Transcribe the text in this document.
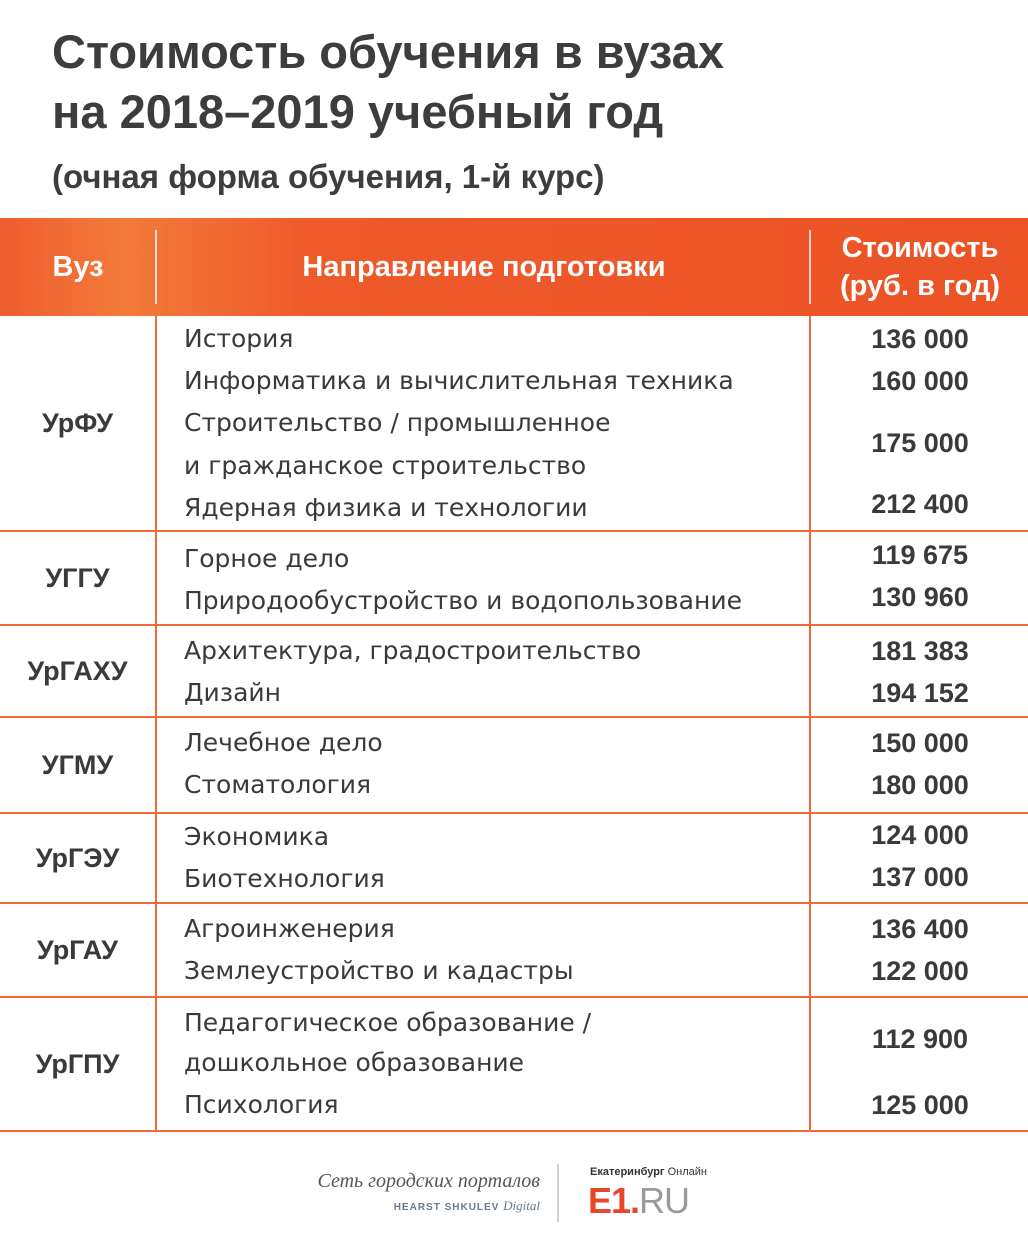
Стоимость обучения в вузах
на 2018–2019 учебный год
(очная форма обучения, 1-й курс)
Вуз	Направление подготовки
Стоимость
(руб. в год)
УрФУ
История
Информатика и вычислительная техника
Строительство / промышленное
и гражданское строительство
Ядерная физика и технологии
136 000
160 000
175 000
212 400
УГГУ
Горное дело
Природообустройство и водопользование
119 675
130 960
УрГАХУ
Архитектура, градостроительство
Дизайн
181 383
194 152
УГМУ
Лечебное дело
Стоматология
150 000
180 000
УрГЭУ
Экономика
Биотехнология
124 000
137 000
УрГАУ
Агроинженерия
Землеустройство и кадастры
136 400
122 000
УрГПУ
Педагогическое образование /
дошкольное образование
Психология
112 900
125 000
Сеть городских порталов
HEARST SHKULEV Digital
Екатеринбург Онлайн
E1.RU
